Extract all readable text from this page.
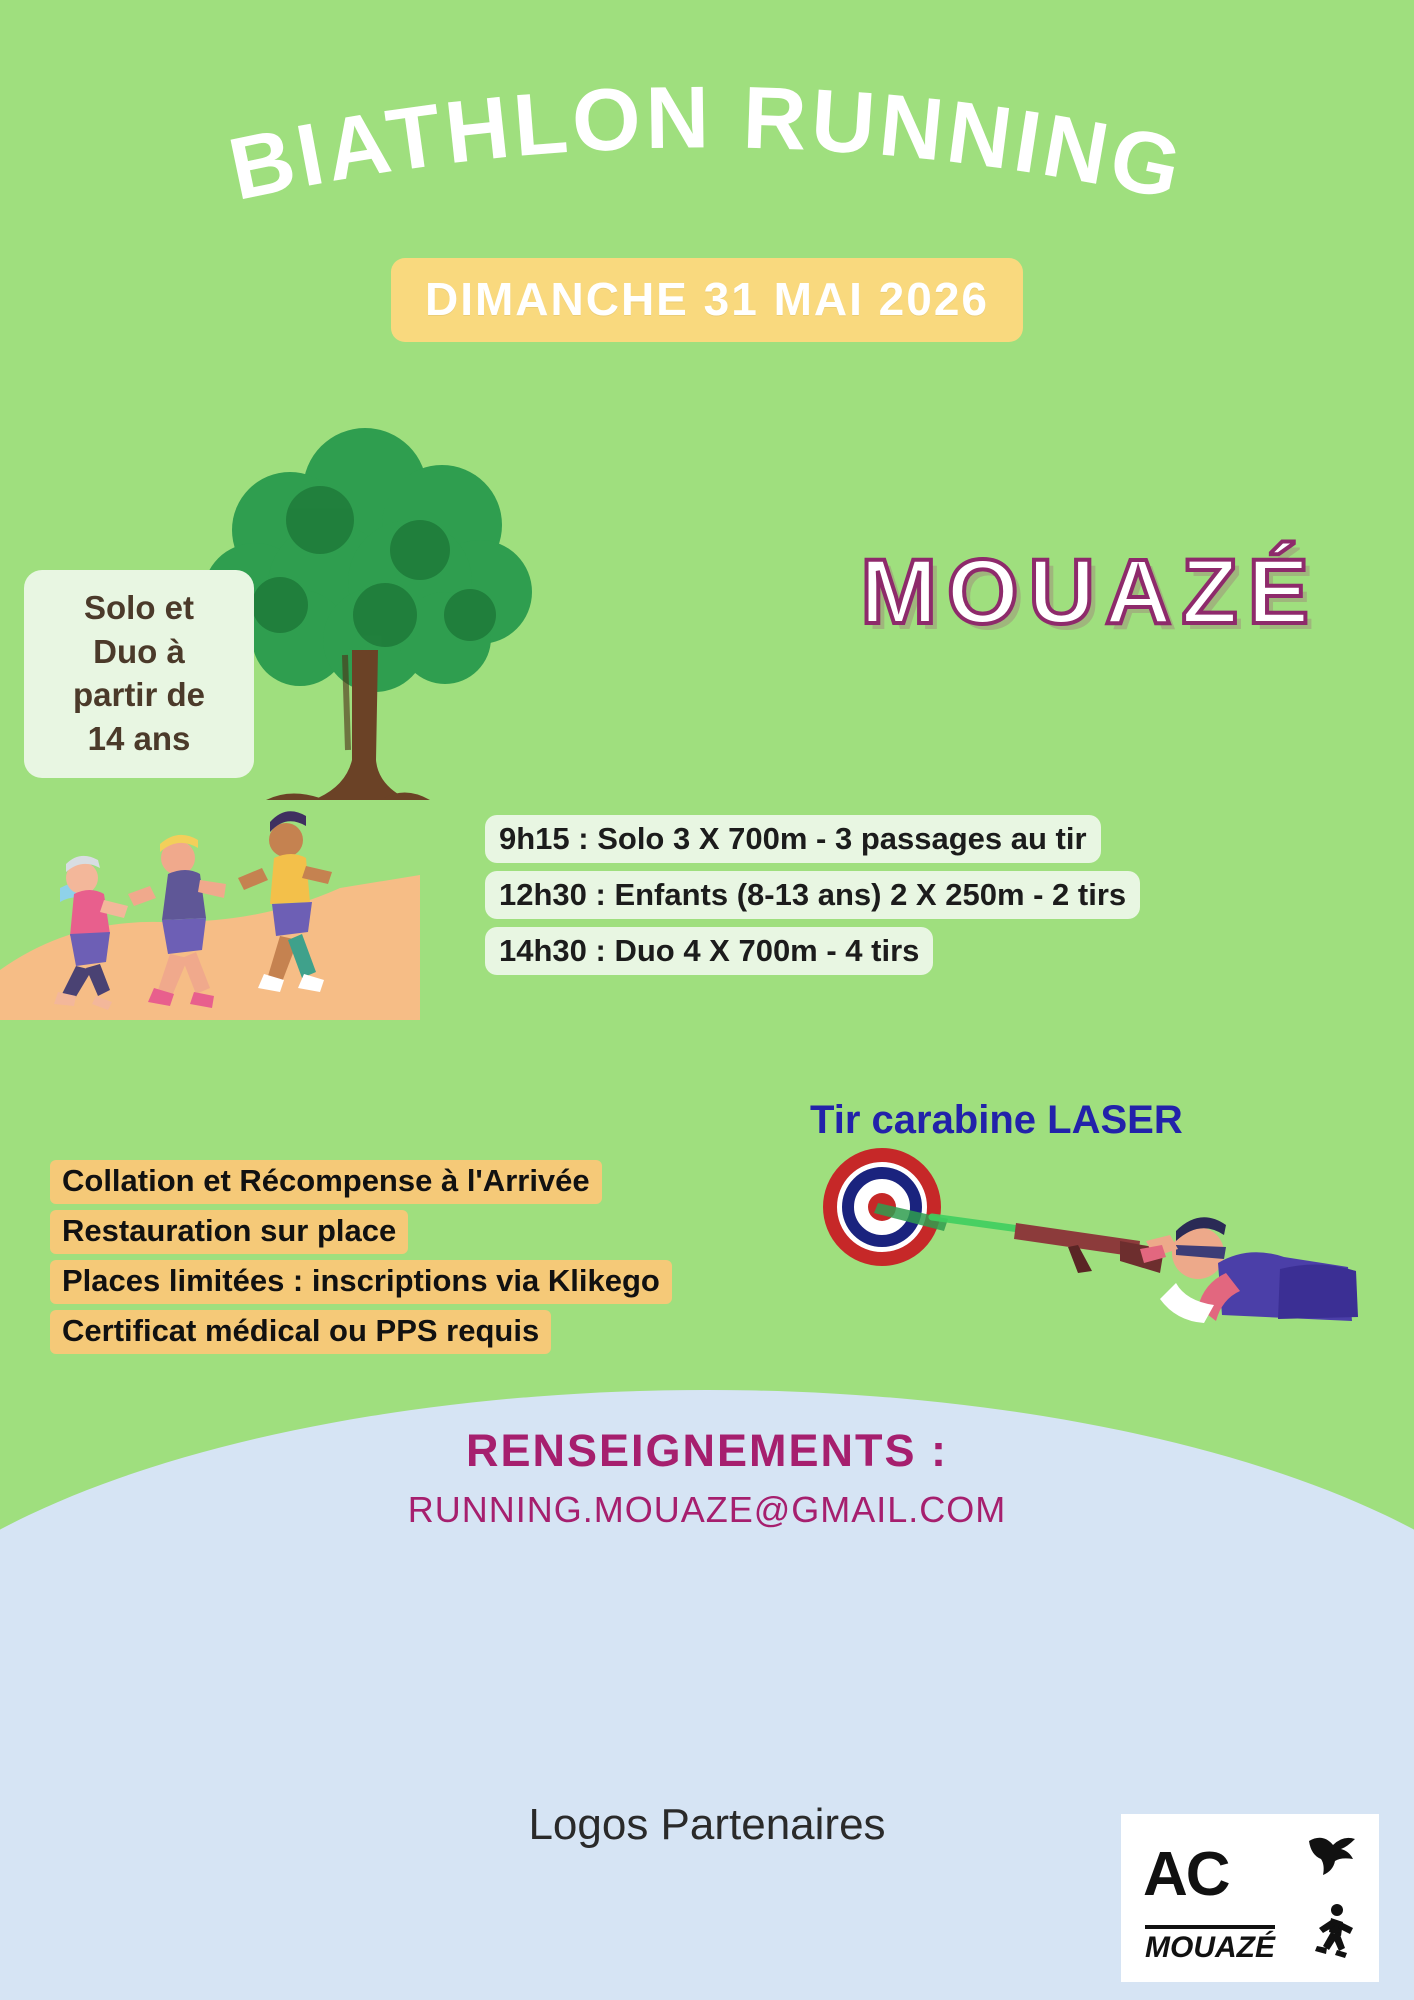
BIATHLON RUNNING
DIMANCHE 31 MAI 2026
Solo et
Duo à
partir de
14 ans
MOUAZÉ
9h15 : Solo 3 X 700m - 3 passages au tir
12h30 : Enfants (8-13 ans) 2 X 250m - 2 tirs
14h30 : Duo 4 X 700m - 4 tirs
Tir carabine LASER
Collation et Récompense à l'Arrivée
Restauration sur place
Places limitées : inscriptions via Klikego
Certificat médical ou PPS requis
RENSEIGNEMENTS :
RUNNING.MOUAZE@GMAIL.COM
Logos Partenaires
AC
MOUAZÉ
